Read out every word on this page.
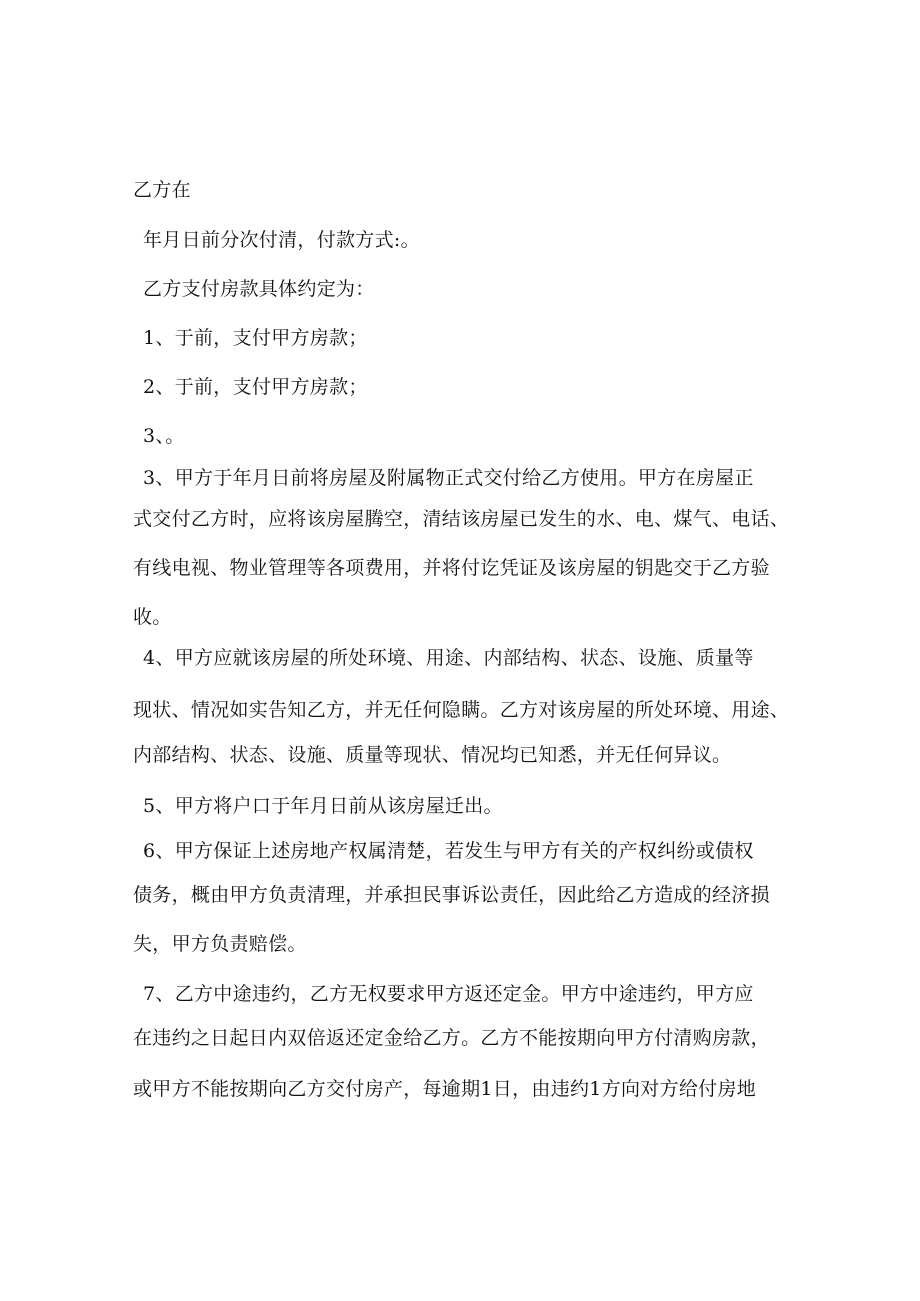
乙方在
年月日前分次付清，付款方式:。
乙方支付房款具体约定为：
1、于前，支付甲方房款；
2、于前，支付甲方房款；
3、。
3、甲方于年月日前将房屋及附属物正式交付给乙方使用。甲方在房屋正
式交付乙方时，应将该房屋腾空，清结该房屋已发生的水、电、煤气、电话、
有线电视、物业管理等各项费用，并将付讫凭证及该房屋的钥匙交于乙方验
收。
4、甲方应就该房屋的所处环境、用途、内部结构、状态、设施、质量等
现状、情况如实告知乙方，并无任何隐瞒。乙方对该房屋的所处环境、用途、
内部结构、状态、设施、质量等现状、情况均已知悉，并无任何异议。
5、甲方将户口于年月日前从该房屋迁出。
6、甲方保证上述房地产权属清楚，若发生与甲方有关的产权纠纷或债权
债务，概由甲方负责清理，并承担民事诉讼责任，因此给乙方造成的经济损
失，甲方负责赔偿。
7、乙方中途违约，乙方无权要求甲方返还定金。甲方中途违约，甲方应
在违约之日起日内双倍返还定金给乙方。乙方不能按期向甲方付清购房款，
或甲方不能按期向乙方交付房产，每逾期1日，由违约1方向对方给付房地
